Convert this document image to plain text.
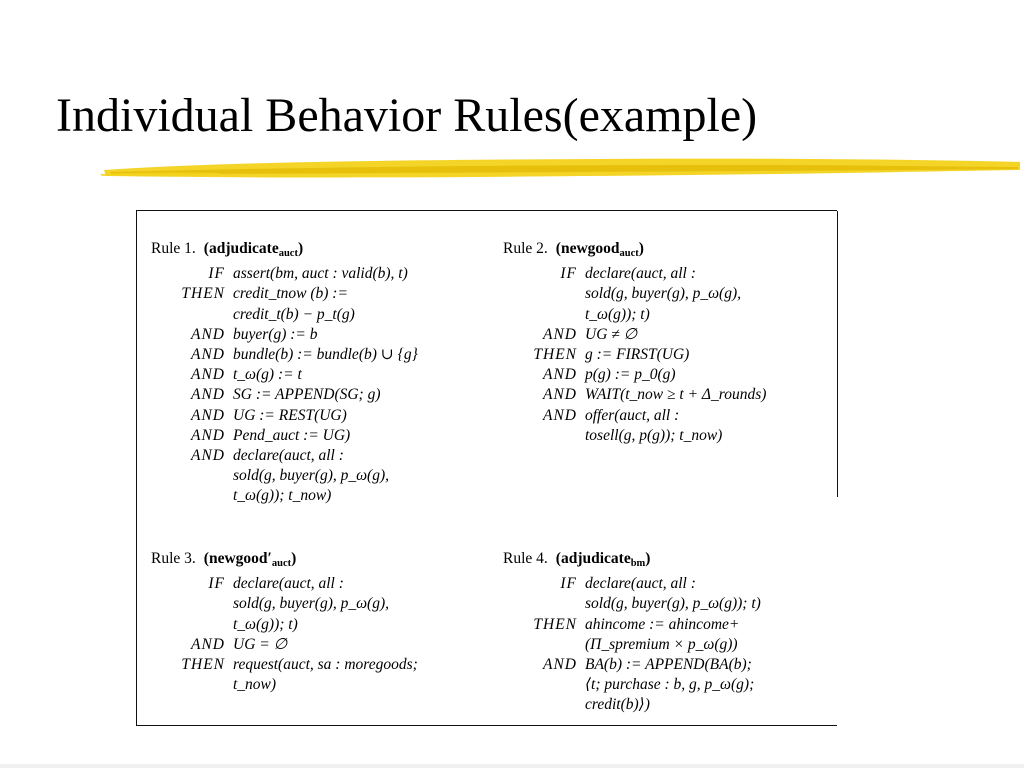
Individual Behavior Rules(example)
Rule 1. (adjudicateauct)
IF assert(bm, auct : valid(b), t)
THEN credit_tnow (b) :=
credit_t(b) − p_t(g)
AND buyer(g) := b
AND bundle(b) := bundle(b) ∪ {g}
AND t_ω(g) := t
AND SG := APPEND(SG; g)
AND UG := REST(UG)
AND Pend_auct := UG)
AND declare(auct, all :
sold(g, buyer(g), p_ω(g),
t_ω(g)); t_now)
Rule 2. (newgoodauct)
IF declare(auct, all :
sold(g, buyer(g), p_ω(g),
t_ω(g)); t)
AND UG ≠ ∅
THEN g := FIRST(UG)
AND p(g) := p_0(g)
AND WAIT(t_now ≥ t + Δ_rounds)
AND offer(auct, all :
tosell(g, p(g)); t_now)
Rule 3. (newgood′auct)
IF declare(auct, all :
sold(g, buyer(g), p_ω(g),
t_ω(g)); t)
AND UG = ∅
THEN request(auct, sa : moregoods;
t_now)
Rule 4. (adjudicatebm)
IF declare(auct, all :
sold(g, buyer(g), p_ω(g)); t)
THEN ahincome := ahincome+
(Π_spremium × p_ω(g))
AND BA(b) := APPEND(BA(b);
⟨t; purchase : b, g, p_ω(g);
credit(b)⟩)
